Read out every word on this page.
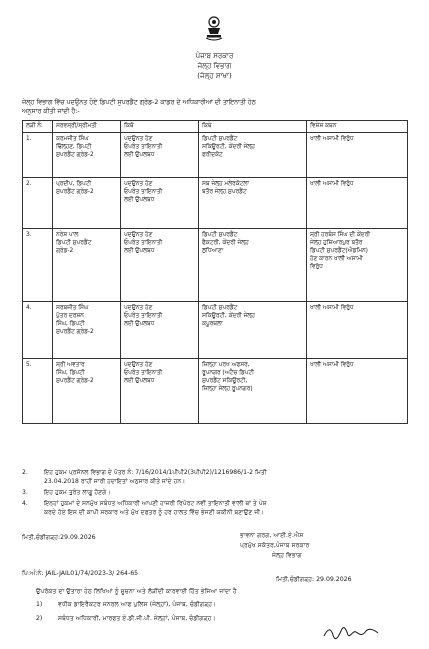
ਪੰਜਾਬ ਸਰਕਾਰ
ਜੇਲ੍ਹ ਵਿਭਾਗ
(ਜੇਲ੍ਹ ਸ਼ਾਖਾ)
ਜੇਲ੍ਹ ਵਿਭਾਗ ਵਿੱਚ ਪਦਉਨਤ ਹੋਏ ਡਿਪਟੀ ਸੁਪਰਡੈਂਟ ਗ੍ਰੇਡ-2 ਕਾਡਰ ਦੇ ਅਧਿਕਾਰੀਆਂ ਦੀ ਤਾਇਨਾਤੀ ਹੇਠ
ਅਨੁਸਾਰ ਕੀਤੀ ਜਾਂਦੀ ਹੈ:-
ਲੜੀ ਨੰ:	ਸਰਵਸ੍ਰੀ/ਸ੍ਰੀਮਤੀ	ਕਿਥੋਂ	ਕਿਥੇ	ਵਿਸ਼ੇਸ਼ ਕਥਨ
1.	ਕਰਮਜੀਤ ਸਿੰਘ
ਢਿੱਲ੍ਹਣ, ਡਿਪਟੀ
ਸੁਪਰਡੈਂਟ ਗ੍ਰੇਡ-2	ਪਦਉਨਤ ਹੋਣ
ਓਪਰੰਤ ਤਾਇਨਾਤੀ
ਲਈ ਉਪਲਬਧ	ਡਿਪਟੀ ਸੁਪਰਡੈਂਟ
ਸਕਿਊਰਟੀ, ਕੇਂਦਰੀ ਜੇਲ੍ਹ
ਫਰੀਦਕੋਟ	ਖਾਲੀ ਅਸਾਮੀ ਵਿਰੁੱਧ

2.	ਪ੍ਰਦੀਪ, ਡਿਪਟੀ
ਸੁਪਰਡੈਂਟ ਗ੍ਰੇਡ-2	ਪਦਉਨਤ ਹੋਣ
ਓਪਰੰਤ ਤਾਇਨਾਤੀ
ਲਈ ਉਪਲਬਧ	ਸਬ ਜੇਲ੍ਹ ਮਲੇਰਕੋਟਲਾ
ਬਤੌਰ ਜੇਲ੍ਹ ਸੁਪਰਡੈਂਟ	ਖਾਲੀ ਅਸਾਮੀ ਵਿਰੁੱਧ

3.	ਨਰੇਸ਼ ਪਾਲ
ਡਿਪਟੀ ਸੁਪਰਡੈਂਟ
ਗ੍ਰੇਡ-2	ਪਦਉਨਤ ਹੋਣ
ਓਪਰੰਤ ਤਾਇਨਾਤੀ
ਲਈ ਉਪਲਬਧ	ਡਿਪਟੀ ਸੁਪਰਡੈਂਟ
ਫੈਕਟਰੀ, ਕੇਂਦਰੀ ਜੇਲ੍ਹ
ਲੁਧਿਆਣਾ	ਸ੍ਰੀ ਹਰਬੰਸ ਸਿੰਘ ਦੀ ਕੇਂਦਰੀ
ਜੇਲ੍ਹ ਹੁਸ਼ਿਆਰਪੁਰ ਬਤੌਰ
ਡਿਪਟੀ ਸੁਪਰਡੈਂਟ(ਐਡਮਿਨ)
ਹੋਣ ਕਾਰਨ ਖਾਲੀ ਅਸਾਮੀ
ਵਿਰੁੱਧ

4.	ਸਰਬਜੀਤ ਸਿੰਘ
ਪੁੱਤਰ ਦਰਸ਼ਨ
ਸਿੰਘ, ਡਿਪਟੀ
ਸੁਪਰਡੈਂਟ ਗ੍ਰੇਡ-2	ਪਦਉਨਤ ਹੋਣ
ਓਪਰੰਤ ਤਾਇਨਾਤੀ
ਲਈ ਉਪਲਬਧ	ਡਿਪਟੀ ਸੁਪਰਡੈਂਟ
ਸਕਿਊਰਟੀ, ਕੇਂਦਰੀ ਜੇਲ੍ਹ
ਕਪੂਰਥਲਾ	ਖਾਲੀ ਅਸਾਮੀ ਵਿਰੁੱਧ

5.	ਸ੍ਰੀ ਅਵਤਾਰ
ਸਿੰਘ, ਡਿਪਟੀ
ਸੁਪਰਡੈਂਟ ਗ੍ਰੇਡ-2	ਪਦਉਨਤ ਹੋਣ
ਓਪਰੰਤ ਤਾਇਨਾਤੀ
ਲਈ ਉਪਲਬਧ	ਜ਼ਿਲ੍ਹਾ ਪਰਖ ਅਫਸਰ,
ਰੂਪਨਗਰ (ਅਟੈਚ ਡਿਪਟੀ
ਸੁਪਰਡੈਂਟ ਸਕਿਊਰਟੀ,
ਜ਼ਿਲ੍ਹਾ ਜੇਲ੍ਹ ਰੂਪਨਗਰ)	ਖਾਲੀ ਅਸਾਮੀ ਵਿਰੁੱਧ
2.	ਇਹ ਹੁਕਮ ਪ੍ਰਸੋਨਲ ਵਿਭਾਗ ਦੇ ਪੱਤਰ ਨੰ: 7/16/2014/1ਪੀਪੀ2(3ਪੀਪੀ2)/1216986/1-2 ਮਿਤੀ
23.04.2018 ਰਾਹੀਂ ਜਾਰੀ ਹਦਾਇਤਾਂ ਅਨੁਸਾਰ ਕੀਤੇ ਜਾਂਦੇ ਹਨ।
3.	ਇਹ ਹੁਕਮ ਤੁਰੰਤ ਲਾਗੂ ਹੋਣਗੇ।
4.	ਇਨ੍ਹਾਂ ਹੁਕਮਾਂ ਦੇ ਸਨਮੁੱਖ ਸਬੰਧਤ ਅਧਿਕਾਰੀ ਆਪਣੀ ਹਾਜ਼ਰੀ ਰਿਪੋਰਟ ਨਵੀਂ ਤਾਇਨਾਤੀ ਵਾਲੀ ਥਾਂ ਤੇ ਪੇਸ਼
ਕਰਦੇ ਹੋਏ ਇਸ ਦੀ ਕਾਪੀ ਸਰਕਾਰ ਅਤੇ ਮੁੱਖ ਦਫਤਰ ਨੂੰ ਹਰ ਹਾਲਤ ਵਿੱਚ ਭੇਜਣੀ ਯਕੀਨੀ ਬਣਾਉਣ ਜੀ।
ਮਿਤੀ,ਚੰਡੀਗੜ੍ਹ:29.09.2026	ਭਾਵਨਾ ਗਰਗ, ਆਈ.ਏ.ਐਸ
ਪ੍ਰਮੁੱਖ ਸਕੱਤਰ,ਪੰਜਾਬ ਸਰਕਾਰ
ਜੇਲ੍ਹ ਵਿਭਾਗ
ਪਿ:ਅੰ:ਨੰ: JAIL-JAIL01/74/2023-3/ 264-65
ਮਿਤੀ,ਚੰਡੀਗੜ੍ਹ: 29.09.2026
ਉਪਰੋਕਤ ਦਾ ਉਤਾਰਾ ਹੇਠ ਲਿਖਿਆਂ ਨੂੰ ਸੂਚਨਾ ਅਤੇ ਲੋੜੀਂਦੀ ਕਾਰਵਾਈ ਹਿੱਤ ਭੇਜਿਆ ਜਾਂਦਾ ਹੈ
1)	ਵਧੀਕ ਡਾਇਰੈਕਟਰ ਜਨਰਲ ਆਫ ਪੁਲਿਸ (ਜੇਲ੍ਹਾਂ), ਪੰਜਾਬ, ਚੰਡੀਗੜ੍ਹ।
2)	ਸਬੰਧਤ ਅਧਿਕਾਰੀ, ਮਾਰਫਤ ਏ.ਡੀ.ਜੀ.ਪੀ. ਜੇਲ੍ਹਾਂ, ਪੰਜਾਬ, ਚੰਡੀਗੜ੍ਹ।
